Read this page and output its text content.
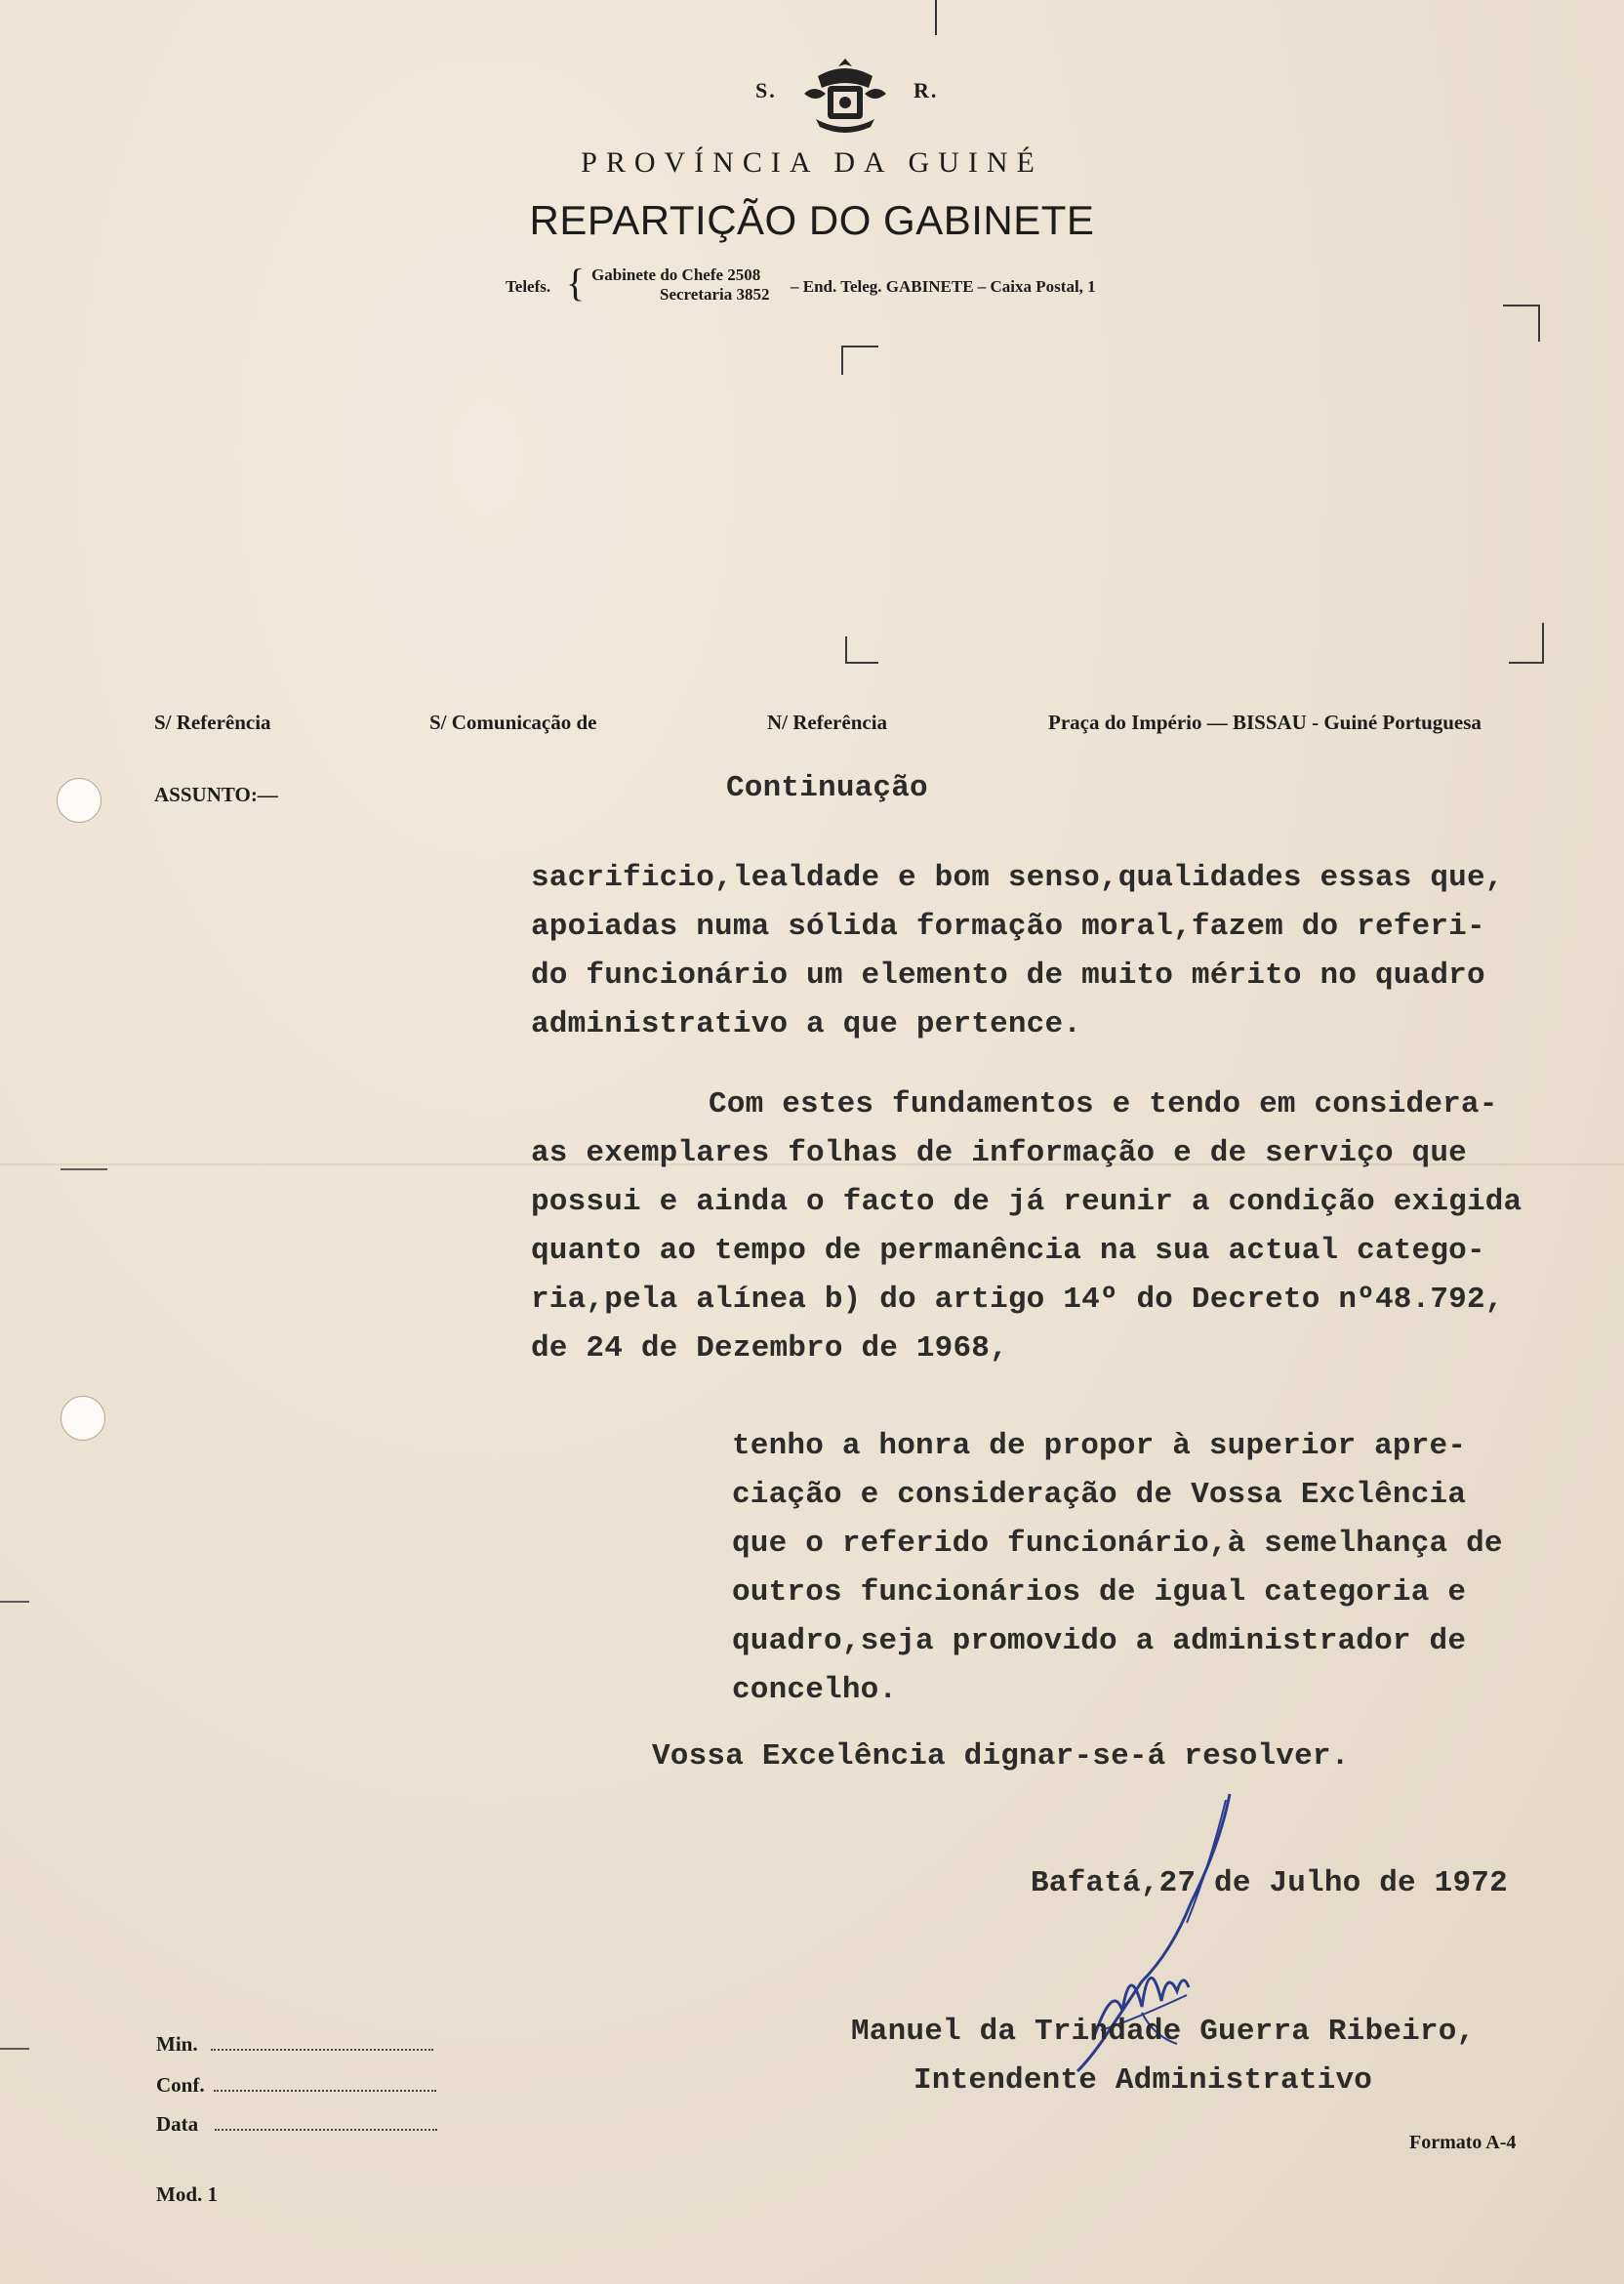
S.	R.
PROVÍNCIA DA GUINÉ
REPARTIÇÃO DO GABINETE
Telefs. { Gabinete do Chefe 2508
Secretaria 3852 – End. Teleg. GABINETE – Caixa Postal, 1
S/ Referência	S/ Comunicação de	N/ Referência	Praça do Império — BISSAU - Guiné Portuguesa
ASSUNTO:—	Continuação
sacrificio,lealdade e bom senso,qualidades essas que,
apoiadas numa sólida formação moral,fazem do referi-
do funcionário um elemento de muito mérito no quadro
administrativo a que pertence.
Com estes fundamentos e tendo em considera-
as exemplares folhas de informação e de serviço que
possui e ainda o facto de já reunir a condição exigida
quanto ao tempo de permanência na sua actual catego-
ria,pela alínea b) do artigo 14º do Decreto nº48.792,
de 24 de Dezembro de 1968,
tenho a honra de propor à superior apre-
ciação e consideração de Vossa Exclência
que o referido funcionário,à semelhança de
outros funcionários de igual categoria e
quadro,seja promovido a administrador de
concelho.
Vossa Excelência dignar-se-á resolver.
Bafatá,27 de Julho de 1972
Manuel da Trindade Guerra Ribeiro,
Intendente Administrativo
Min.
Conf.
Data
Mod. 1
Formato A-4
